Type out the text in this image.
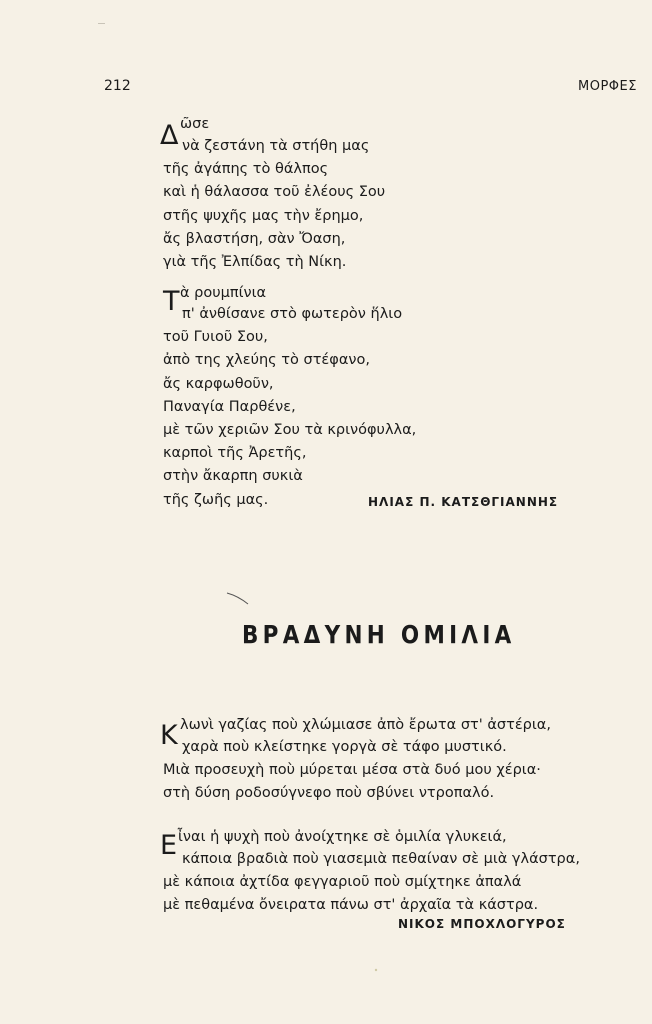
212	ΜΟΡΦΕΣ
Δ ῶσε
νὰ ζεστάνη τὰ στήθη μας
τῆς ἀγάπης τὸ θάλπος
καὶ ἡ θάλασσα τοῦ ἐλέους Σου
στῆς ψυχῆς μας τὴν ἔρημο,
ἄς βλαστήση, σὰν Ὄαση,
γιὰ τῆς Ἐλπίδας τὴ Νίκη.
Τ ὰ ρουμπίνια
π' ἀνθίσανε στὸ φωτερὸν ἥλιο
τοῦ Γυιοῦ Σου,
ἀπὸ της χλεύης τὸ στέφανο,
ἄς καρφωθοῦν,
Παναγία Παρθένε,
μὲ τῶν χεριῶν Σου τὰ κρινόφυλλα,
καρποὶ τῆς Ἀρετῆς,
στὴν ἄκαρπη συκιὰ
τῆς ζωῆς μας.	ΗΛΙΑΣ Π. ΚΑΤΣΘΓΙΑΝΝΗΣ
ΒΡΑΔΥΝΗ ΟΜΙΛΙΑ
Κ λωνὶ γαζίας ποὺ χλώμιασε ἀπὸ ἔρωτα στ' ἀστέρια,
χαρὰ ποὺ κλείστηκε γοργὰ σὲ τάφο μυστικό.
Μιὰ προσευχὴ ποὺ μύρεται μέσα στὰ δυό μου χέρια·
στὴ δύση ροδοσύγνεφο ποὺ σβύνει ντροπαλό.
Ε ἶναι ἡ ψυχὴ ποὺ ἀνοίχτηκε σὲ ὁμιλία γλυκειά,
κάποια βραδιὰ ποὺ γιασεμιὰ πεθαίναν σὲ μιὰ γλάστρα,
μὲ κάποια ἀχτίδα φεγγαριοῦ ποὺ σμίχτηκε ἀπαλά
μὲ πεθαμένα ὄνειρατα πάνω στ' ἀρχαῖα τὰ κάστρα.
ΝΙΚΟΣ ΜΠΟΧΛΟΓΥΡΟΣ
